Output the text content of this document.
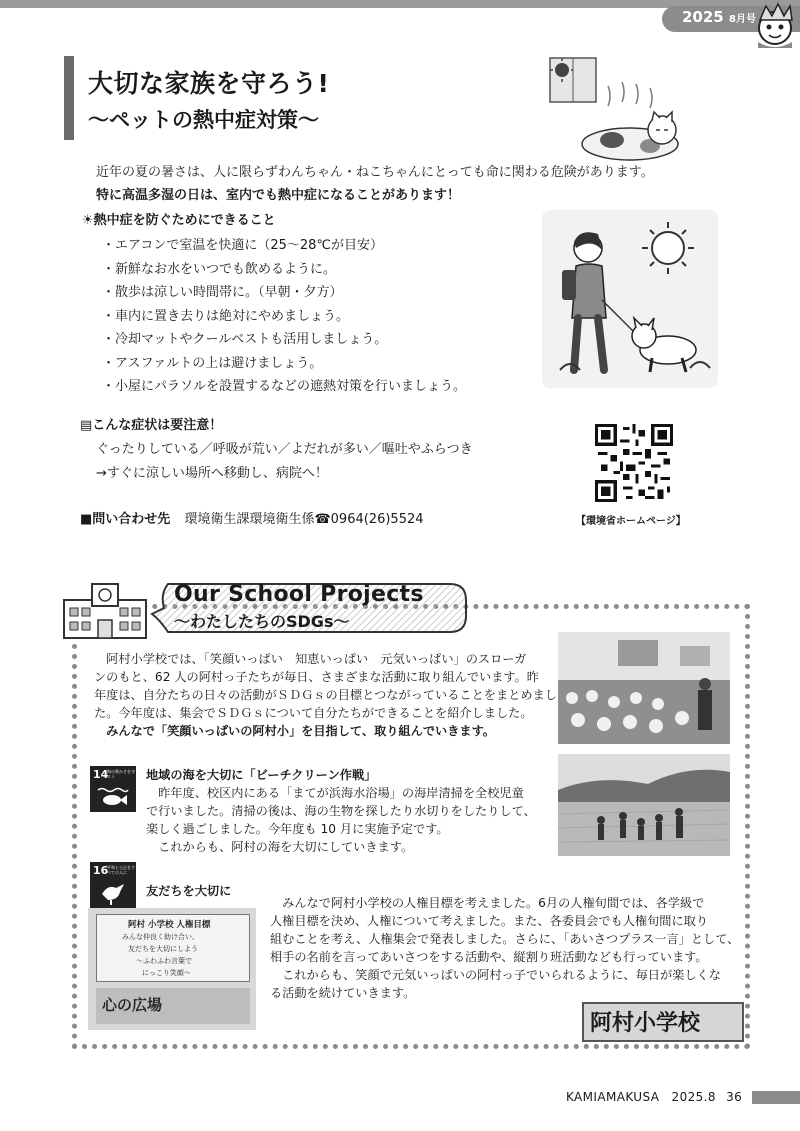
2025 8月号
大切な家族を守ろう!
〜ペットの熱中症対策〜
近年の夏の暑さは、人に限らずわんちゃん・ねこちゃんにとっても命に関わる危険があります。
特に高温多湿の日は、室内でも熱中症になることがあります！
☀熱中症を防ぐためにできること
・エアコンで室温を快適に（25〜28℃が目安）
・新鮮なお水をいつでも飲めるように。
・散歩は涼しい時間帯に。（早朝・夕方）
・車内に置き去りは絶対にやめましょう。
・冷却マットやクールベストも活用しましょう。
・アスファルトの上は避けましょう。
・小屋にパラソルを設置するなどの遮熱対策を行いましょう。
▤こんな症状は要注意！
ぐったりしている／呼吸が荒い／よだれが多い／嘔吐やふらつき
→すぐに涼しい場所へ移動し、病院へ！
■問い合わせ先 環境衛生課環境衛生係☎0964(26)5524	【環境省ホームページ】
Our School Projects
〜わたしたちのSDGs〜
　阿村小学校では、「笑顔いっぱい　知恵いっぱい　元気いっぱい」のスローガ
ンのもと、62 人の阿村っ子たちが毎日、さまざまな活動に取り組んでいます。昨
年度は、自分たちの日々の活動がＳＤＧｓの目標とつながっていることをまとめまし
た。今年度は、集会でＳＤＧｓについて自分たちができることを紹介しました。
　みんなで「笑顔いっぱいの阿村小」を目指して、取り組んでいきます。
14
海の豊かさを守ろう	地域の海を大切に「ビーチクリーン作戦」
　昨年度、校区内にある「まてが浜海水浴場」の海岸清掃を全校児童
で行いました。清掃の後は、海の生物を探したり水切りをしたりして、
楽しく過ごしました。今年度も 10 月に実施予定です。
　これからも、阿村の海を大切にしていきます。
16
平和と公正をすべての人に
友だちを大切に
阿村 小学校 人権目標
みんな仲良く助け合い、
友だちを大切にしよう
〜ふわふわ言葉で
にっこり笑顔〜
心の広場
　みんなで阿村小学校の人権目標を考えました。6月の人権旬間では、各学級で
人権目標を決め、人権について考えました。また、各委員会でも人権旬間に取り
組むことを考え、人権集会で発表しました。さらに、「あいさつプラス一言」として、
相手の名前を言ってあいさつをする活動や、縦割り班活動なども行っています。
　これからも、笑顔で元気いっぱいの阿村っ子でいられるように、毎日が楽しくな
る活動を続けていきます。
阿村小学校
KAMIAMAKUSA 2025.8 36
